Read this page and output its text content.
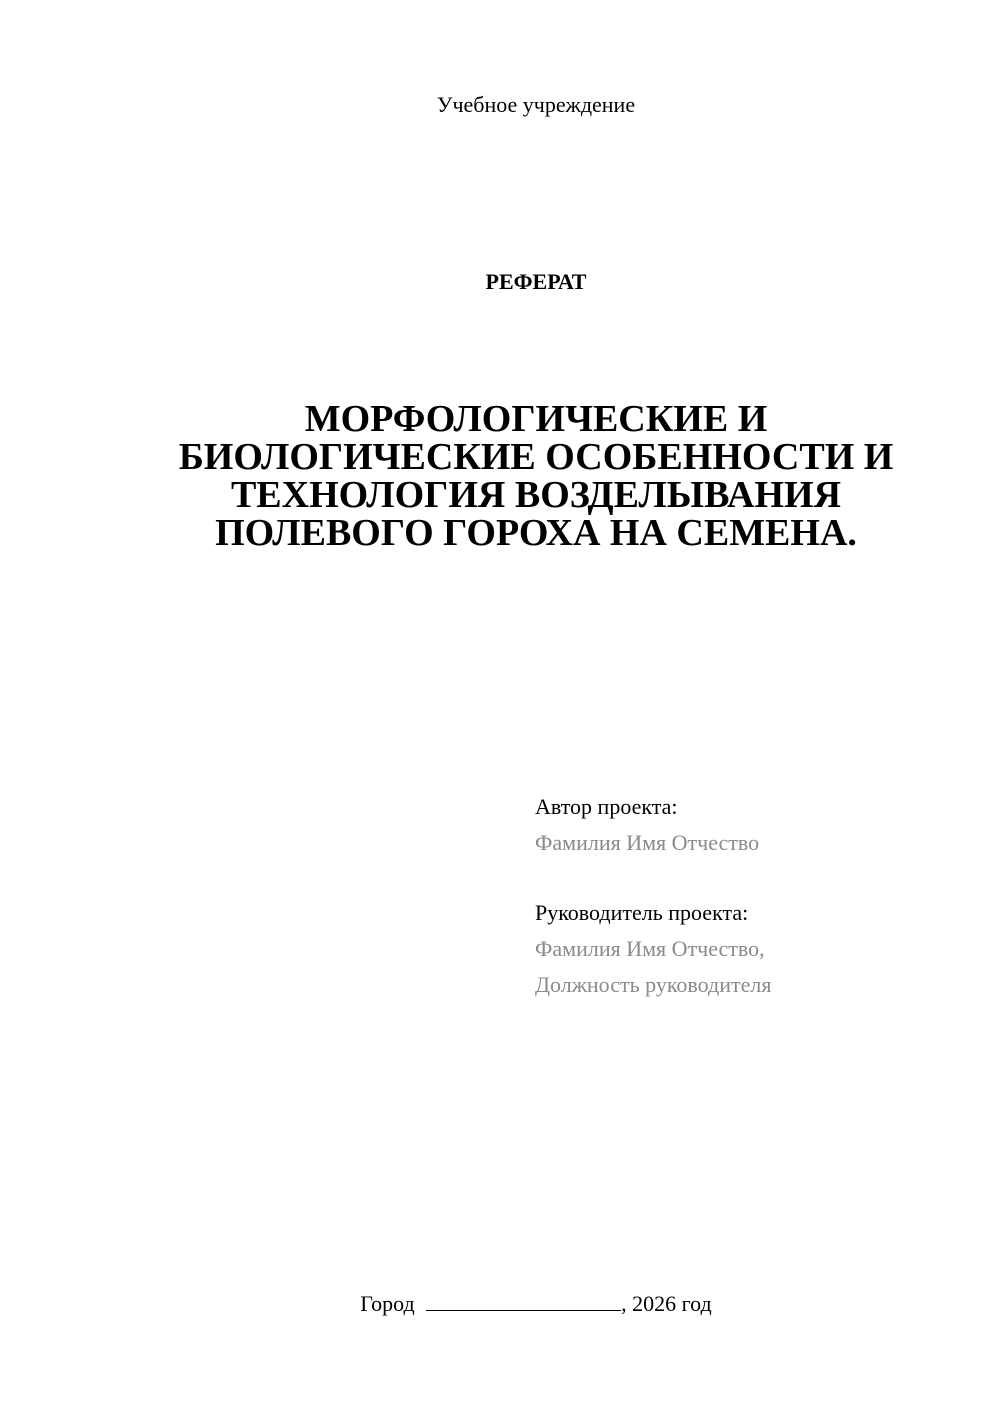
Учебное учреждение
РЕФЕРАТ
МОРФОЛОГИЧЕСКИЕ И
БИОЛОГИЧЕСКИЕ ОСОБЕННОСТИ И
ТЕХНОЛОГИЯ ВОЗДЕЛЫВАНИЯ
ПОЛЕВОГО ГОРОХА НА СЕМЕНА.
Автор проекта:
Фамилия Имя Отчество
Руководитель проекта:
Фамилия Имя Отчество,
Должность руководителя
Город	, 2026 год
